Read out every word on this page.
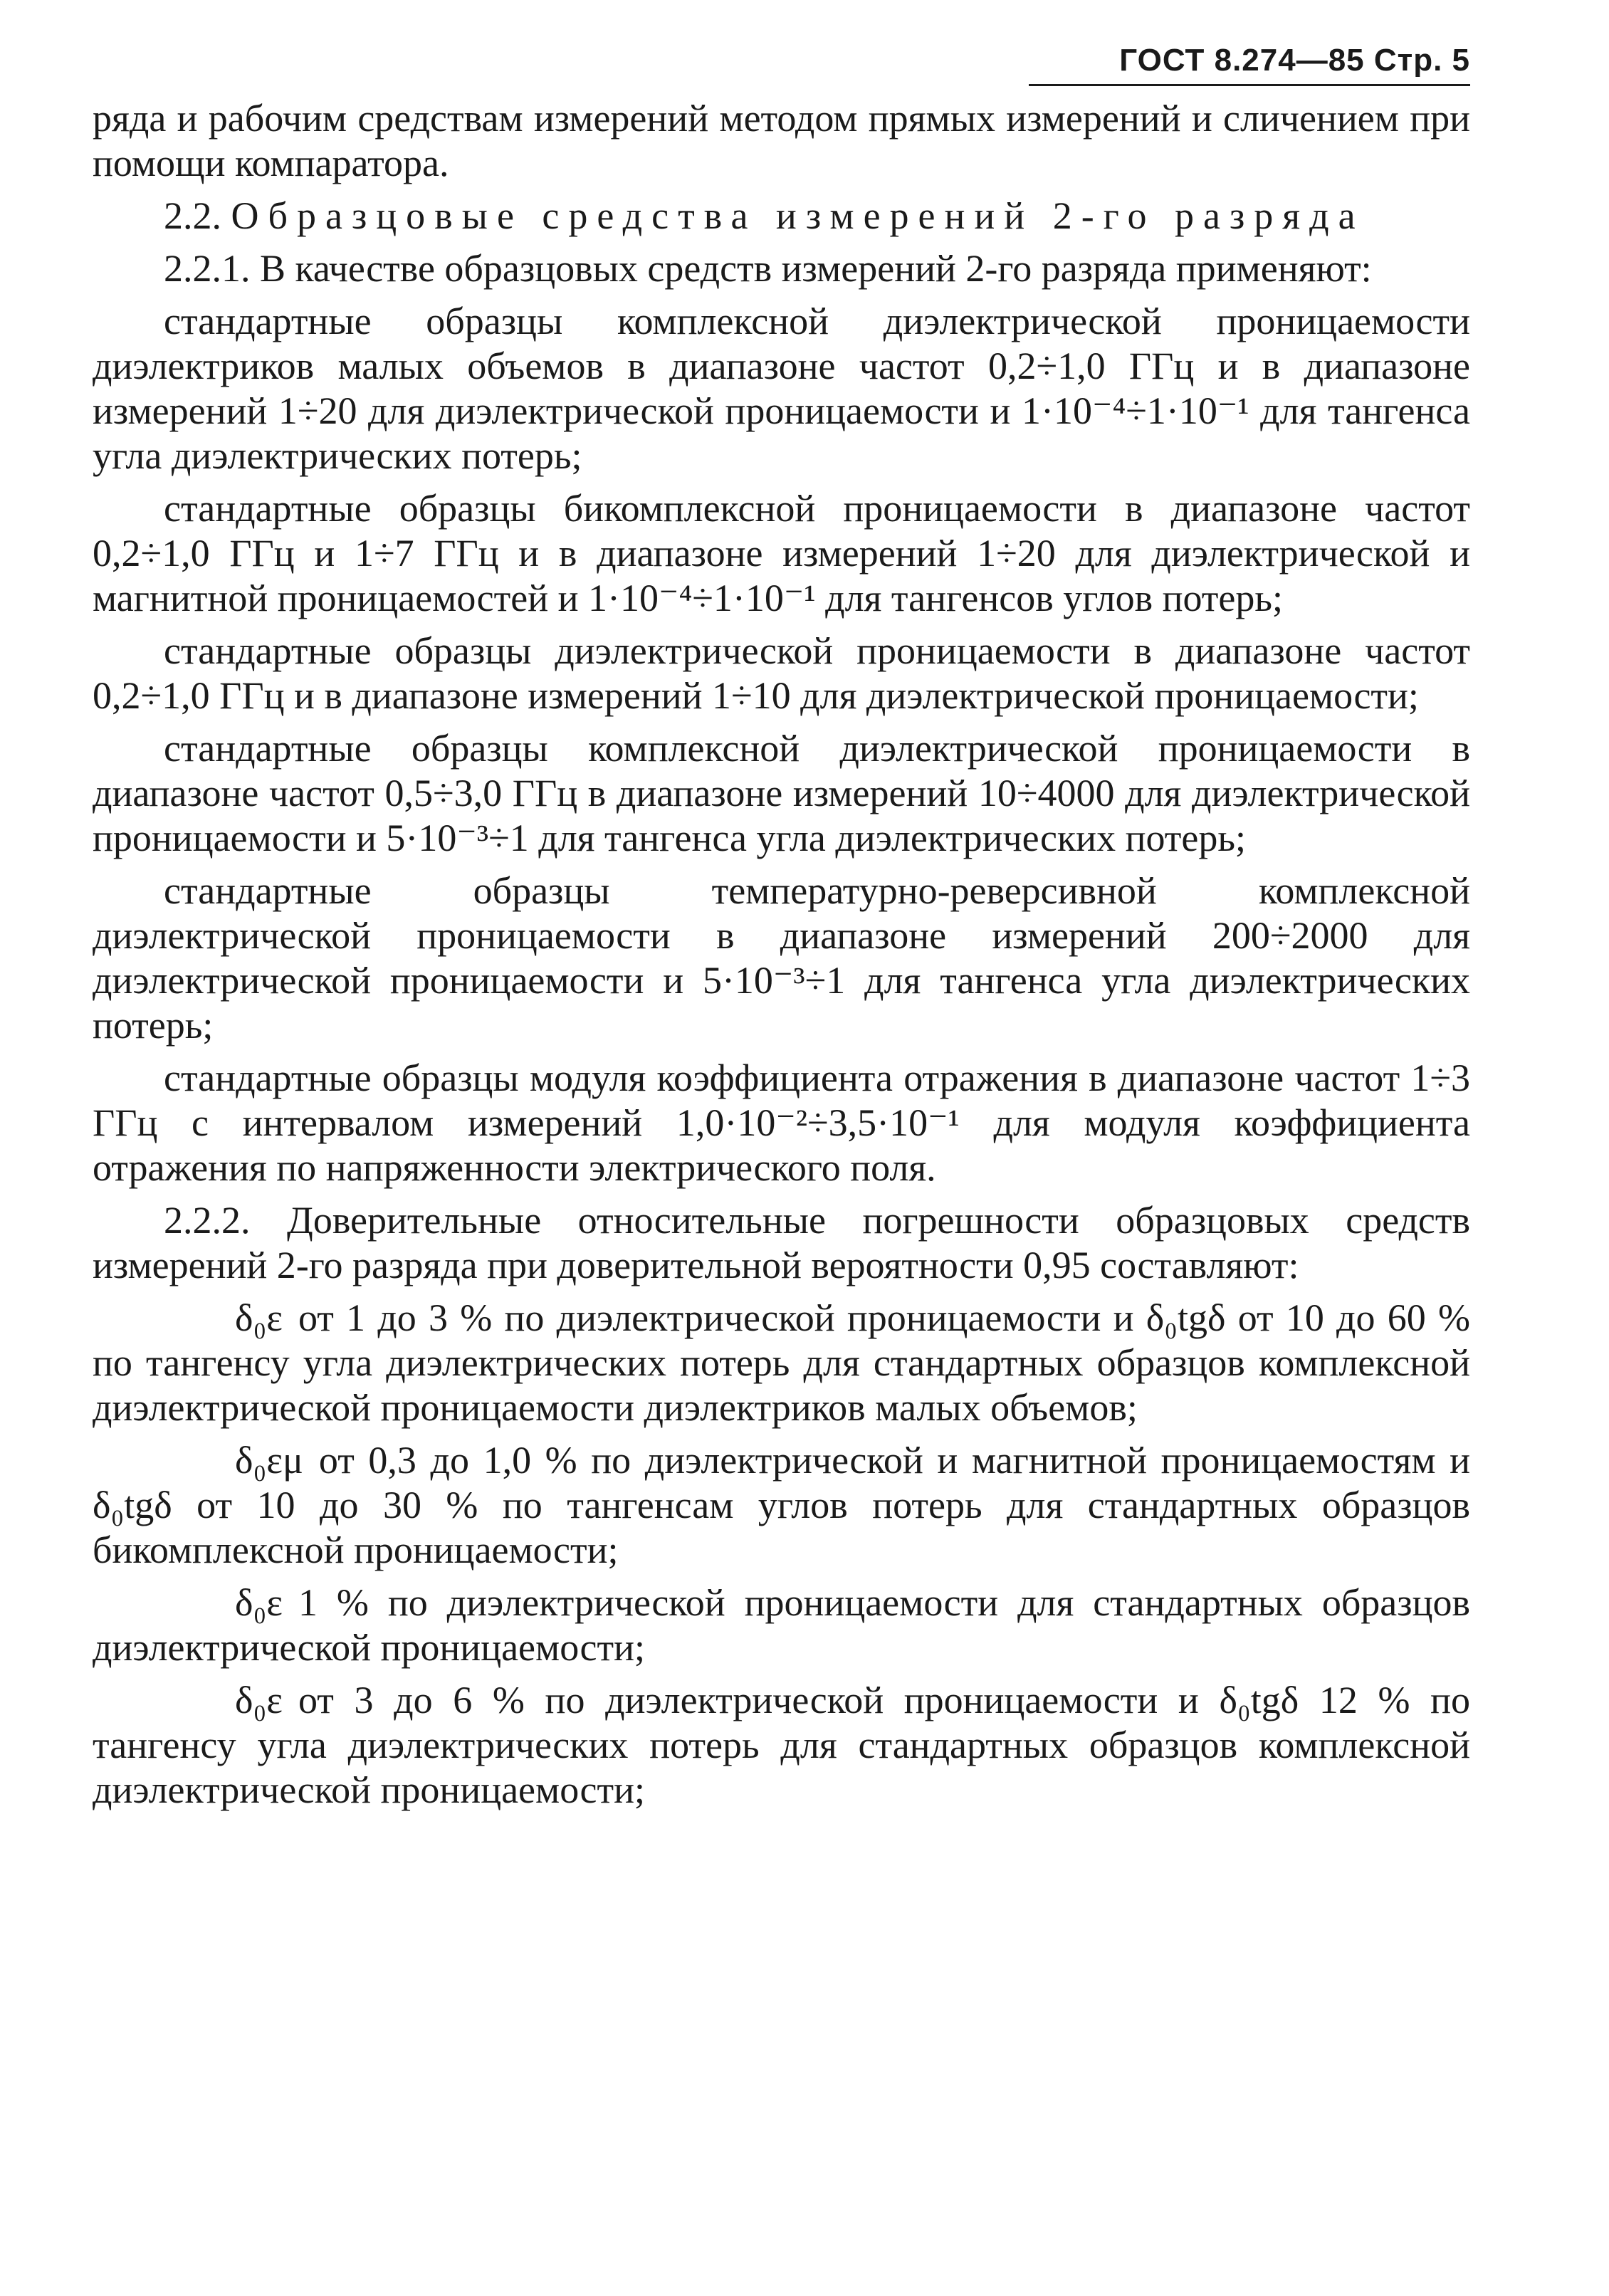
ГОСТ 8.274—85 Стр. 5

ряда и рабочим средствам измерений методом прямых измерений и сличением при помощи компаратора.

2.2. Образцовые средства измерений 2-го разряда

2.2.1. В качестве образцовых средств измерений 2-го разряда применяют:

стандартные образцы комплексной диэлектрической проницаемости диэлектриков малых объемов в диапазоне частот 0,2÷1,0 ГГц и в диапазоне измерений 1÷20 для диэлектрической проницаемости и 1·10⁻⁴÷1·10⁻¹ для тангенса угла диэлектрических потерь;

стандартные образцы бикомплексной проницаемости в диапазоне частот 0,2÷1,0 ГГц и 1÷7 ГГц и в диапазоне измерений 1÷20 для диэлектрической и магнитной проницаемостей и 1·10⁻⁴÷1·10⁻¹ для тангенсов углов потерь;

стандартные образцы диэлектрической проницаемости в диапазоне частот 0,2÷1,0 ГГц и в диапазоне измерений 1÷10 для диэлектрической проницаемости;

стандартные образцы комплексной диэлектрической проницаемости в диапазоне частот 0,5÷3,0 ГГц в диапазоне измерений 10÷4000 для диэлектрической проницаемости и 5·10⁻³÷1 для тангенса угла диэлектрических потерь;

стандартные образцы температурно-реверсивной комплексной диэлектрической проницаемости в диапазоне измерений 200÷2000 для диэлектрической проницаемости и 5·10⁻³÷1 для тангенса угла диэлектрических потерь;

стандартные образцы модуля коэффициента отражения в диапазоне частот 1÷3 ГГц с интервалом измерений 1,0·10⁻²÷3,5·10⁻¹ для модуля коэффициента отражения по напряженности электрического поля.

2.2.2. Доверительные относительные погрешности образцовых средств измерений 2-го разряда при доверительной вероятности 0,95 составляют:

δ₀ε от 1 до 3 % по диэлектрической проницаемости и δ₀tgδ от 10 до 60 % по тангенсу угла диэлектрических потерь для стандартных образцов комплексной диэлектрической проницаемости диэлектриков малых объемов;

δ₀εμ от 0,3 до 1,0 % по диэлектрической и магнитной проницаемостям и δ₀tgδ от 10 до 30 % по тангенсам углов потерь для стандартных образцов бикомплексной проницаемости;

δ₀ε 1 % по диэлектрической проницаемости для стандартных образцов диэлектрической проницаемости;

δ₀ε от 3 до 6 % по диэлектрической проницаемости и δ₀tgδ 12 % по тангенсу угла диэлектрических потерь для стандартных образцов комплексной диэлектрической проницаемости;
